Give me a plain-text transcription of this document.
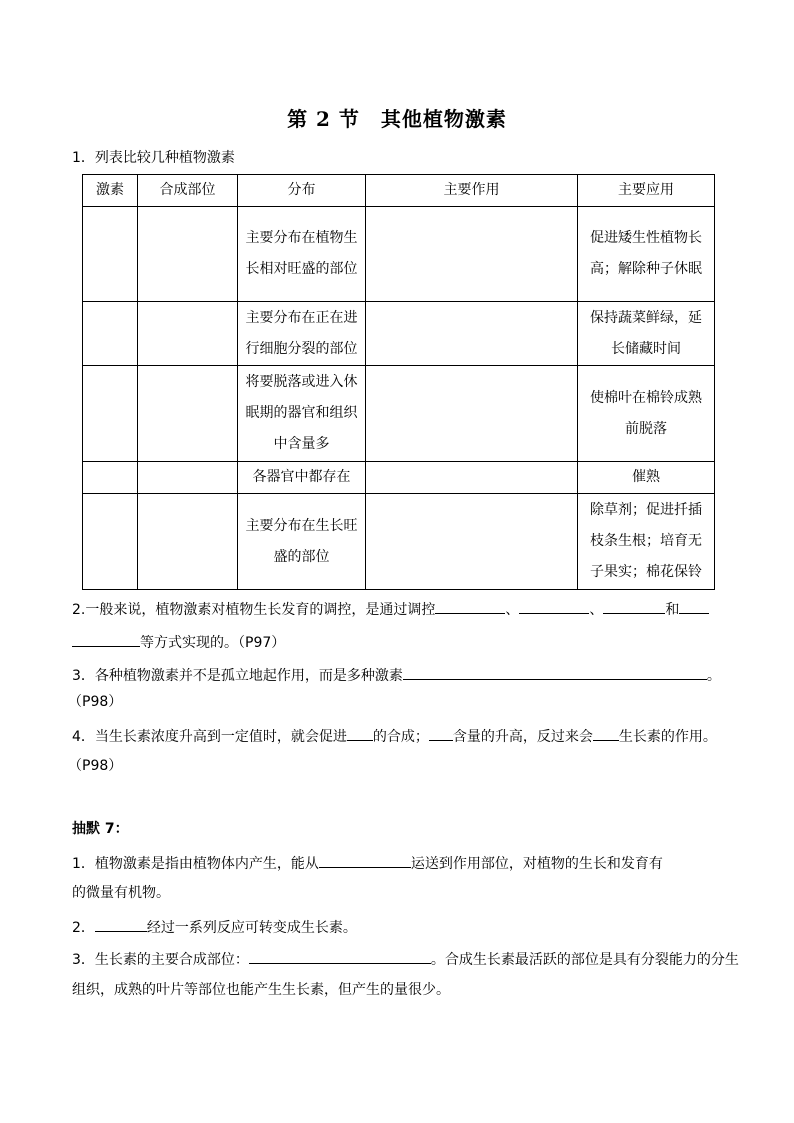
第 2 节　其他植物激素
1．列表比较几种植物激素
激素	合成部位	分布	主要作用	主要应用
		主要分布在植物生长相对旺盛的部位		促进矮生性植物长高；解除种子休眠
		主要分布在正在进行细胞分裂的部位		保持蔬菜鲜绿，延长储藏时间
		将要脱落或进入休眠期的器官和组织中含量多		使棉叶在棉铃成熟前脱落
		各器官中都存在		催熟
		主要分布在生长旺盛的部位		除草剂；促进扦插枝条生根；培育无子果实；棉花保铃
2.一般来说，植物激素对植物生长发育的调控，是通过调控	、	、	和
等方式实现的。（P97）
3．各种植物激素并不是孤立地起作用，而是多种激素	。
（P98）
4．当生长素浓度升高到一定值时，就会促进 的合成； 含量的升高，反过来会 生长素的作用。
（P98）
抽默 7：
1．植物激素是指由植物体内产生，能从	运送到作用部位，对植物的生长和发育有
的微量有机物。
2．	经过一系列反应可转变成生长素。
3．生长素的主要合成部位：	。合成生长素最活跃的部位是具有分裂能力的分生
组织，成熟的叶片等部位也能产生生长素，但产生的量很少。
